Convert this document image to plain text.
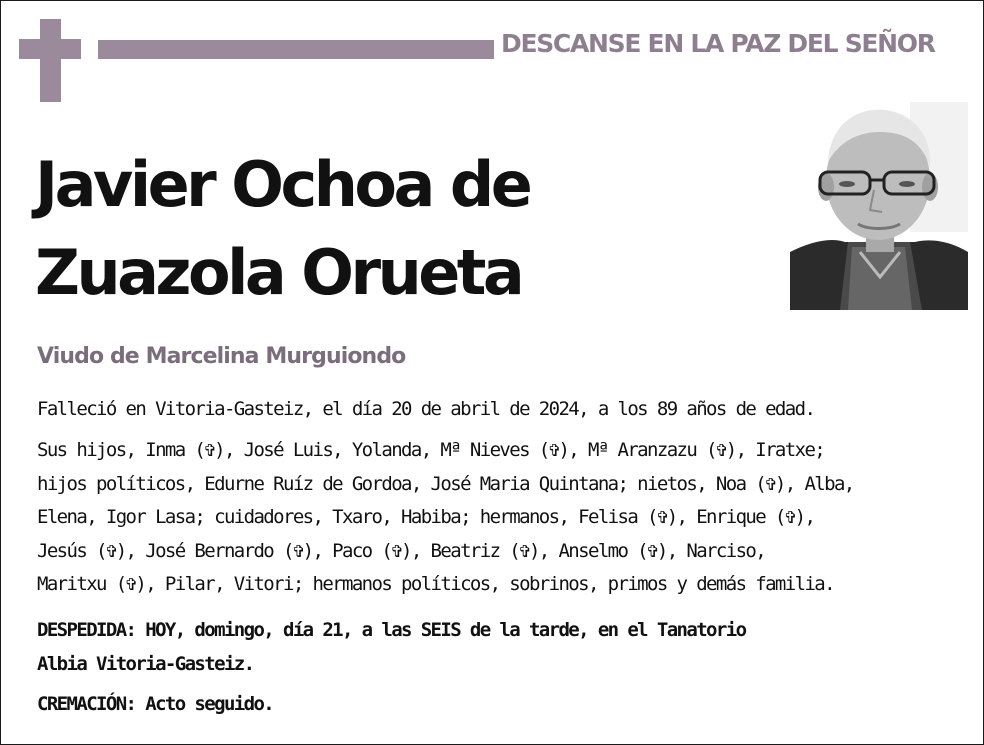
DESCANSE EN LA PAZ DEL SEÑOR
Javier Ochoa de
Zuazola Orueta
Viudo de Marcelina Murguiondo
Falleció en Vitoria-Gasteiz, el día 20 de abril de 2024, a los 89 años de edad.
Sus hijos, Inma (✞), José Luis, Yolanda, Mª Nieves (✞), Mª Aranzazu (✞), Iratxe;
hijos políticos, Edurne Ruíz de Gordoa, José Maria Quintana; nietos, Noa (✞), Alba,
Elena, Igor Lasa; cuidadores, Txaro, Habiba; hermanos, Felisa (✞), Enrique (✞),
Jesús (✞), José Bernardo (✞), Paco (✞), Beatriz (✞), Anselmo (✞), Narciso,
Maritxu (✞), Pilar, Vitori; hermanos políticos, sobrinos, primos y demás familia.
DESPEDIDA: HOY, domingo, día 21, a las SEIS de la tarde, en el Tanatorio
Albia Vitoria-Gasteiz.
CREMACIÓN: Acto seguido.
